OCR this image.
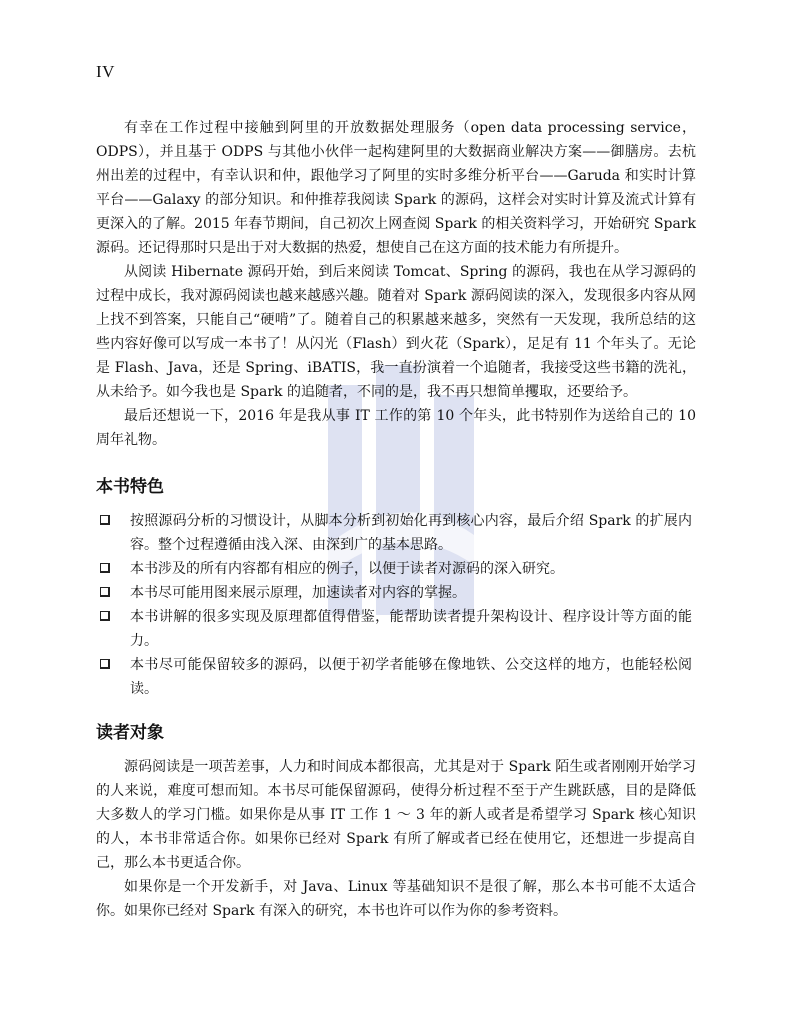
IV

有幸在工作过程中接触到阿里的开放数据处理服务（open data processing service，ODPS），并且基于 ODPS 与其他小伙伴一起构建阿里的大数据商业解决方案——御膳房。去杭州出差的过程中，有幸认识和仲，跟他学习了阿里的实时多维分析平台——Garuda 和实时计算平台——Galaxy 的部分知识。和仲推荐我阅读 Spark 的源码，这样会对实时计算及流式计算有更深入的了解。2015 年春节期间，自己初次上网查阅 Spark 的相关资料学习，开始研究 Spark 源码。还记得那时只是出于对大数据的热爱，想使自己在这方面的技术能力有所提升。

从阅读 Hibernate 源码开始，到后来阅读 Tomcat、Spring 的源码，我也在从学习源码的过程中成长，我对源码阅读也越来越感兴趣。随着对 Spark 源码阅读的深入，发现很多内容从网上找不到答案，只能自己“硬啃”了。随着自己的积累越来越多，突然有一天发现，我所总结的这些内容好像可以写成一本书了！从闪光（Flash）到火花（Spark），足足有 11 个年头了。无论是 Flash、Java，还是 Spring、iBATIS，我一直扮演着一个追随者，我接受这些书籍的洗礼，从未给予。如今我也是 Spark 的追随者，不同的是，我不再只想简单攫取，还要给予。

最后还想说一下，2016 年是我从事 IT 工作的第 10 个年头，此书特别作为送给自己的 10 周年礼物。

本书特色
按照源码分析的习惯设计，从脚本分析到初始化再到核心内容，最后介绍 Spark 的扩展内容。整个过程遵循由浅入深、由深到广的基本思路。
本书涉及的所有内容都有相应的例子，以便于读者对源码的深入研究。
本书尽可能用图来展示原理，加速读者对内容的掌握。
本书讲解的很多实现及原理都值得借鉴，能帮助读者提升架构设计、程序设计等方面的能力。
本书尽可能保留较多的源码，以便于初学者能够在像地铁、公交这样的地方，也能轻松阅读。
读者对象

源码阅读是一项苦差事，人力和时间成本都很高，尤其是对于 Spark 陌生或者刚刚开始学习的人来说，难度可想而知。本书尽可能保留源码，使得分析过程不至于产生跳跃感，目的是降低大多数人的学习门槛。如果你是从事 IT 工作 1 ～ 3 年的新人或者是希望学习 Spark 核心知识的人，本书非常适合你。如果你已经对 Spark 有所了解或者已经在使用它，还想进一步提高自己，那么本书更适合你。

如果你是一个开发新手，对 Java、Linux 等基础知识不是很了解，那么本书可能不太适合你。如果你已经对 Spark 有深入的研究，本书也许可以作为你的参考资料。
